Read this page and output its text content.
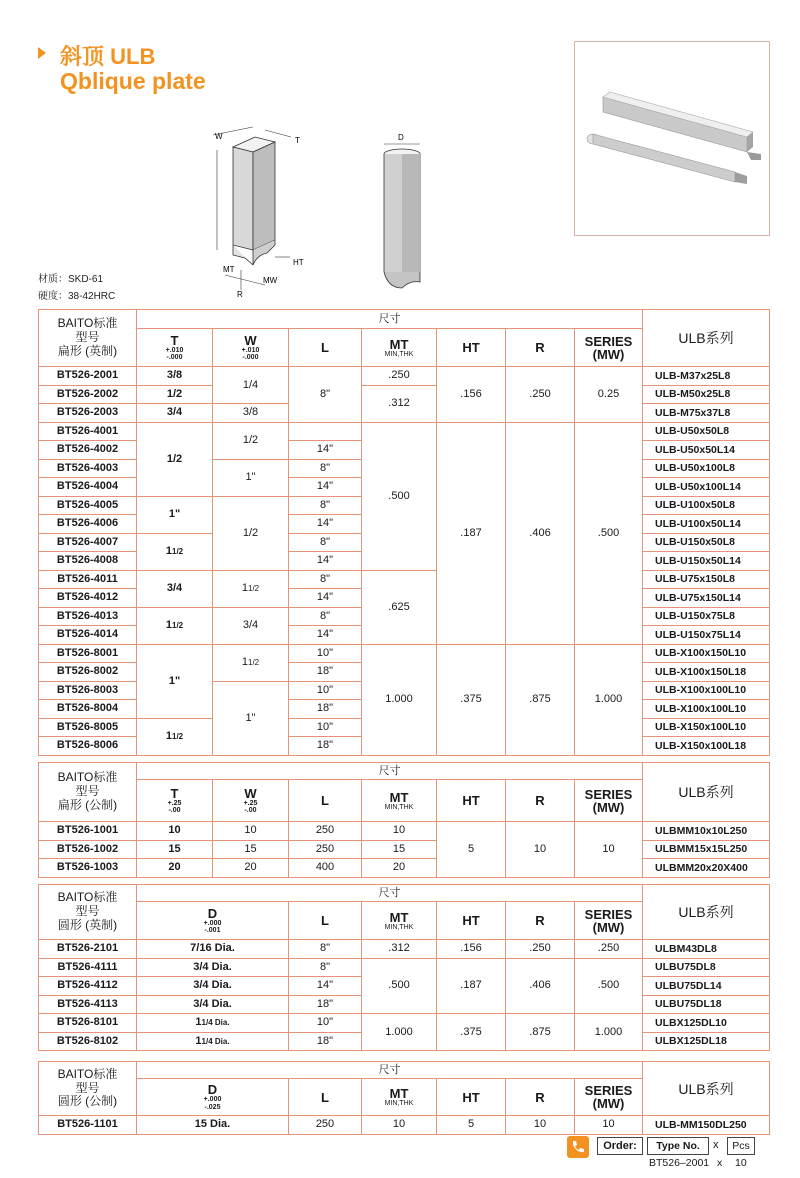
斜顶 ULB
Qblique plate
材质：SKD-61
硬度：38-42HRC
W	T
HT
MT
MW
R
D
BAITO标准
型号
扁形 (英制)	尺寸							ULB系列
	T
+.010
-.000	W
+.010
-.000	L	MT
MIN,THK	HT	R	SERIES
(MW)	
BT526-2001	3/8	1/4	8"	.250	.156	.250	0.25	ULB-M37x25L8
BT526-2002	1/2			.312				ULB-M50x25L8
BT526-2003	3/4	3/8						ULB-M75x37L8
BT526-4001	1/2	1/2		.500	.187	.406	.500	ULB-U50x50L8
BT526-4002			14"					ULB-U50x50L14
BT526-4003		1"	8"					ULB-U50x100L8
BT526-4004			14"					ULB-U50x100L14
BT526-4005	1"	1/2	8"					ULB-U100x50L8
BT526-4006			14"					ULB-U100x50L14
BT526-4007	11/2		8"					ULB-U150x50L8
BT526-4008			14"					ULB-U150x50L14
BT526-4011	3/4	11/2	8"	.625				ULB-U75x150L8
BT526-4012			14"					ULB-U75x150L14
BT526-4013	11/2	3/4	8"					ULB-U150x75L8
BT526-4014			14"					ULB-U150x75L14
BT526-8001	1"	11/2	10"	1.000	.375	.875	1.000	ULB-X100x150L10
BT526-8002			18"					ULB-X100x150L18
BT526-8003		1"	10"					ULB-X100x100L10
BT526-8004			18"					ULB-X100x100L10
BT526-8005	11/2		10"					ULB-X150x100L10
BT526-8006			18"					ULB-X150x100L18
BAITO标准
型号
扁形 (公制)	尺寸							ULB系列
	T
+.25
-.00	W
+.25
-.00	L	MT
MIN,THK	HT	R	SERIES
(MW)	
BT526-1001	10	10	250	10	5	10	10	ULBMM10x10L250
BT526-1002	15	15	250	15				ULBMM15x15L250
BT526-1003	20	20	400	20				ULBMM20x20X400
BAITO标准
型号
圆形 (英制)	尺寸						ULB系列
	D
+.000
-.001	L	MT
MIN,THK	HT	R	SERIES
(MW)	
BT526-2101	7/16 Dia.	8"	.312	.156	.250	.250	ULBM43DL8
BT526-4111	3/4 Dia.	8"	.500	.187	.406	.500	ULBU75DL8
BT526-4112	3/4 Dia.	14"					ULBU75DL14
BT526-4113	3/4 Dia.	18"					ULBU75DL18
BT526-8101	11/4 Dia.	10"	1.000	.375	.875	1.000	ULBX125DL10
BT526-8102	11/4 Dia.	18"					ULBX125DL18
BAITO标准
型号
圆形 (公制)	尺寸						ULB系列
	D
+.000
-.025	L	MT
MIN,THK	HT	R	SERIES
(MW)	
BT526-1101	15 Dia.	250	10	5	10	10	ULB-MM150DL250
Order:	Type No.	x	Pcs
BT526–2001 x 10
